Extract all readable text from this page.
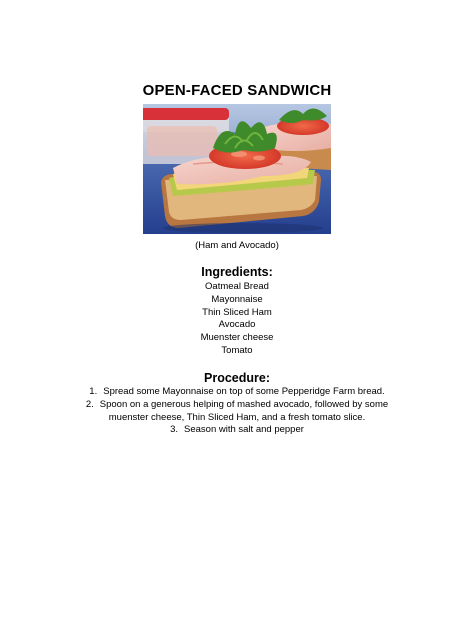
OPEN-FACED SANDWICH
(Ham and Avocado)
Ingredients:
Oatmeal Bread
Mayonnaise
Thin Sliced Ham
Avocado
Muenster cheese
Tomato
Procedure:
1. Spread some Mayonnaise on top of some Pepperidge Farm bread.
2. Spoon on a generous helping of mashed avocado, followed by some muenster cheese, Thin Sliced Ham, and a fresh tomato slice.
3. Season with salt and pepper
